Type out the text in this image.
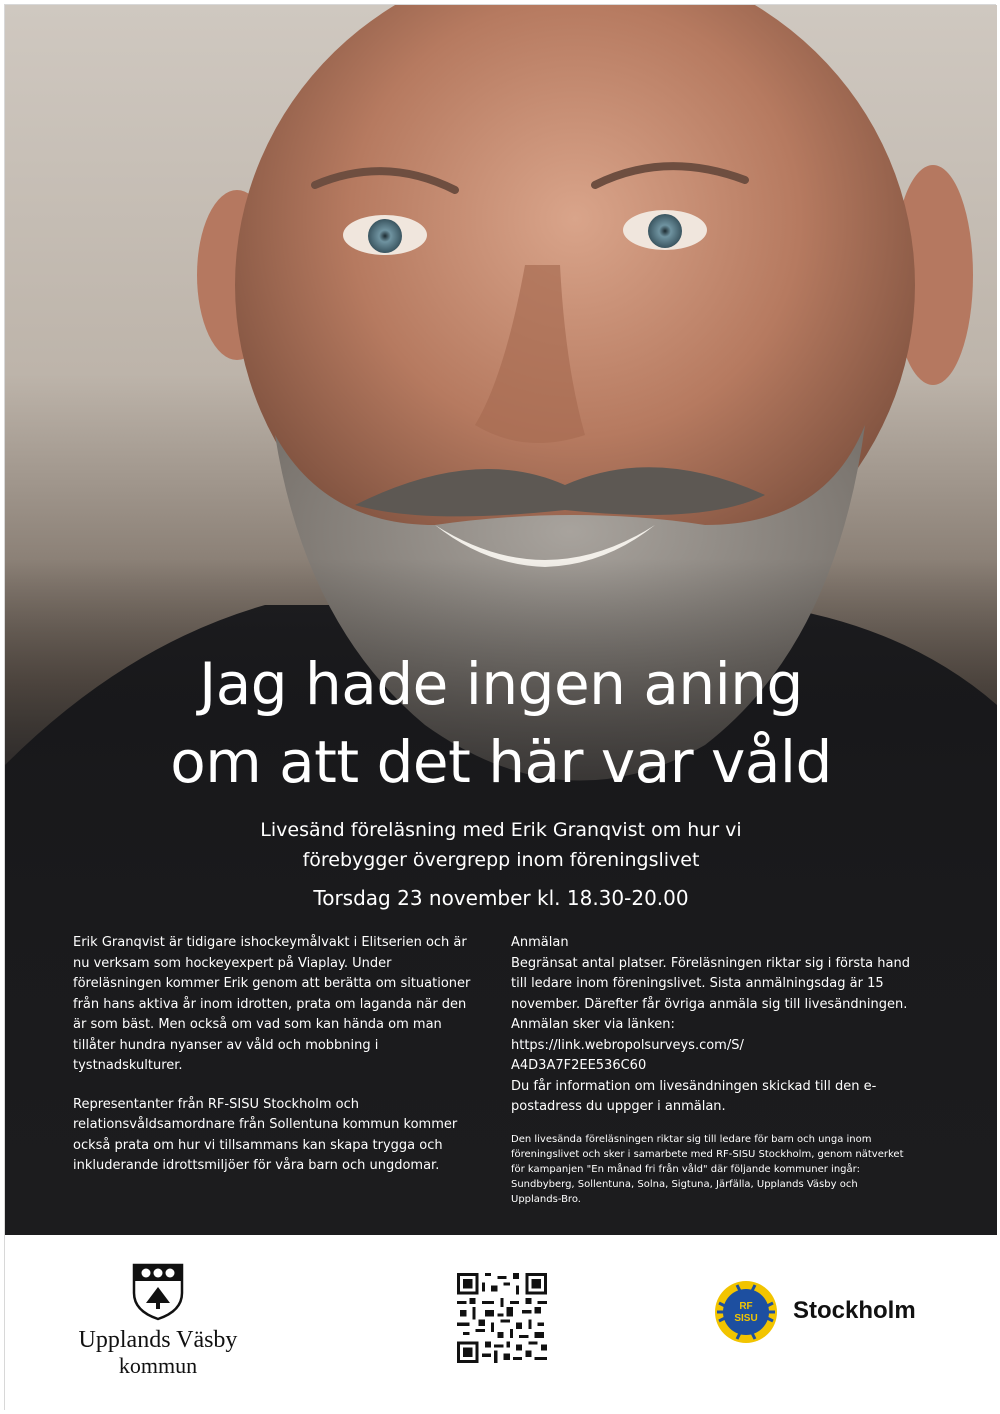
Jag hade ingen aning
om att det här var våld
Livesänd föreläsning med Erik Granqvist om hur vi
förebygger övergrepp inom föreningslivet
Torsdag 23 november kl. 18.30-20.00

Erik Granqvist är tidigare ishockeymålvakt i Elitserien och är nu verksam som hockeyexpert på Viaplay. Under föreläsningen kommer Erik genom att berätta om situationer från hans aktiva år inom idrotten, prata om laganda när den är som bäst. Men också om vad som kan hända om man tillåter hundra nyanser av våld och mobbning i tystnadskulturer.

Representanter från RF-SISU Stockholm och relationsvåldsamordnare från Sollentuna kommun kommer också prata om hur vi tillsammans kan skapa trygga och inkluderande idrottsmiljöer för våra barn och ungdomar.

Anmälan
Begränsat antal platser. Föreläsningen riktar sig i första hand till ledare inom föreningslivet. Sista anmälningsdag är 15 november. Därefter får övriga anmäla sig till livesändningen. Anmälan sker via länken:
https://link.webropolsurveys.com/S/
A4D3A7F2EE536C60

Du får information om livesändningen skickad till den e-postadress du uppger i anmälan.

Den livesända föreläsningen riktar sig till ledare för barn och unga inom föreningslivet och sker i samarbete med RF-SISU Stockholm, genom nätverket för kampanjen "En månad fri från våld" där följande kommuner ingår: Sundbyberg, Sollentuna, Solna, Sigtuna, Järfälla, Upplands Väsby och Upplands-Bro.

Upplands Väsby
kommun
RF
SISU Stockholm
